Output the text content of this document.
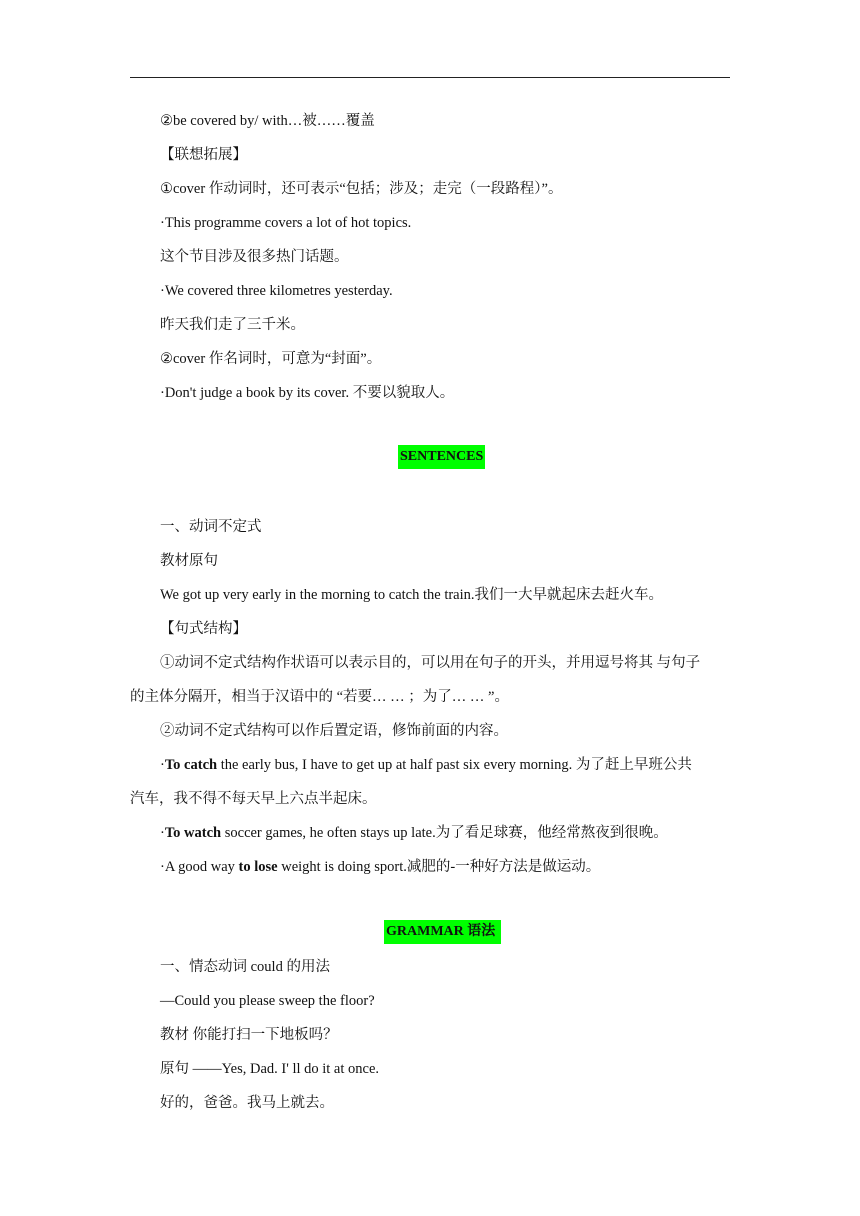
②be covered by/ with…被……覆盖
【联想拓展】
①cover 作动词时，还可表示“包括；涉及；走完（一段路程）”。
·This programme covers a lot of hot topics.
这个节目涉及很多热门话题。
·We covered three kilometres yesterday.
昨天我们走了三千米。
②cover 作名词时，可意为“封面”。
·Don't judge a book by its cover. 不要以貌取人。
SENTENCES
一、动词不定式
教材原句
We got up very early in the morning to catch the train.我们一大早就起床去赶火车。
【句式结构】
①动词不定式结构作状语可以表示目的，可以用在句子的开头，并用逗号将其 与句子
的主体分隔开，相当于汉语中的 “若要… … ；为了… … ”。
②动词不定式结构可以作后置定语，修饰前面的内容。
·To catch the early bus, I have to get up at half past six every morning. 为了赶上早班公共
汽车，我不得不每天早上六点半起床。
·To watch soccer games, he often stays up late.为了看足球赛，他经常熬夜到很晚。
·A good way to lose weight is doing sport.减肥的-一种好方法是做运动。
GRAMMAR 语法
一、情态动词 could 的用法
—Could you please sweep the floor?
教材 你能打扫一下地板吗？
原句 ——Yes, Dad. I' ll do it at once.
好的，爸爸。我马上就去。
